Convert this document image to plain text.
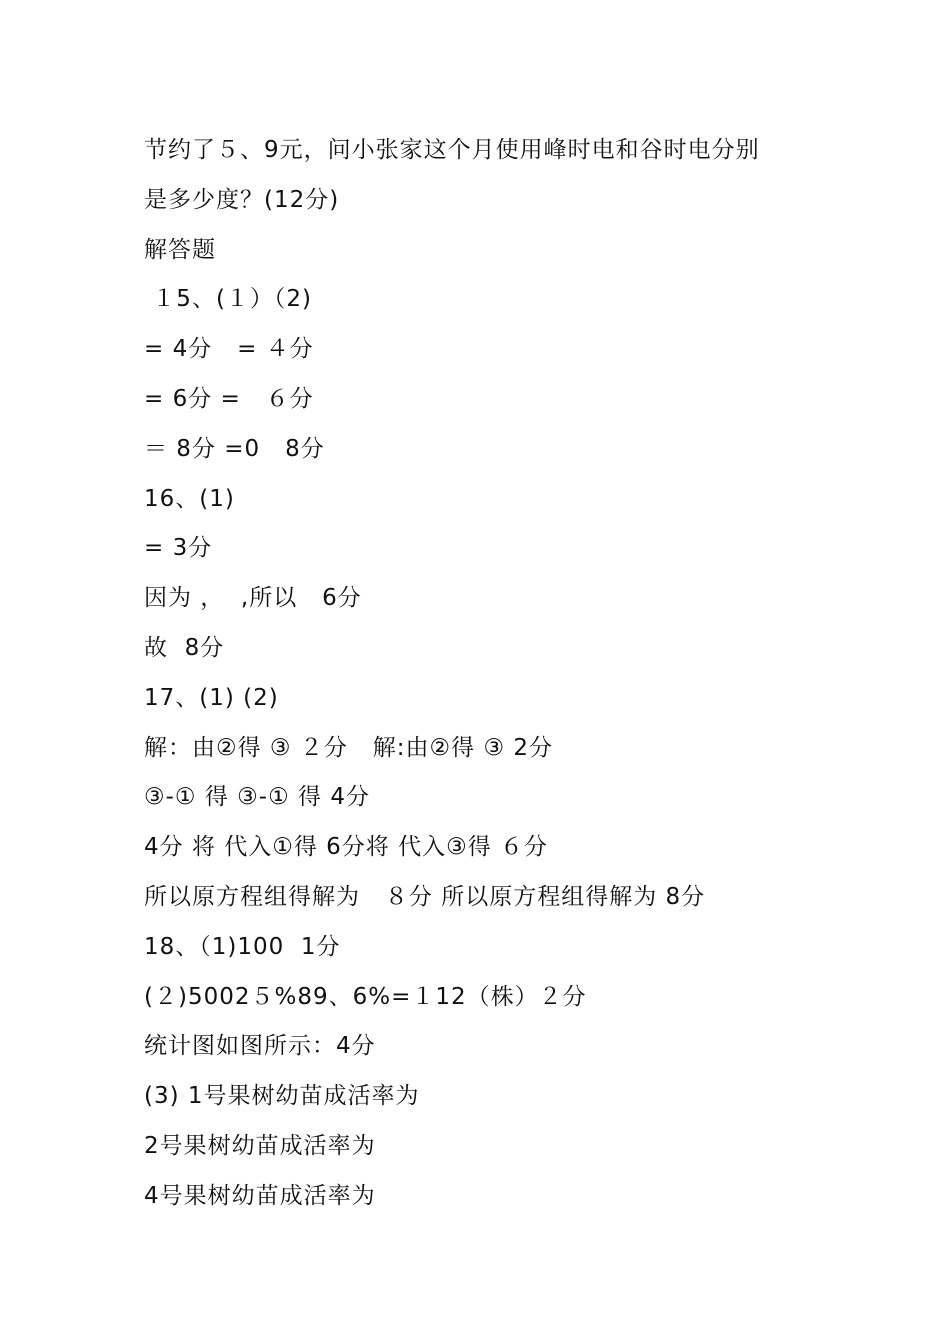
节约了５、9元，问小张家这个月使用峰时电和谷时电分别
是多少度？(12分)
解答题
１5、(１）（2)
= 4分   = ４分
= 6分 =   ６分
＝ 8分 =0   8分
16、(1)
= 3分
因为 ，  ,所以   6分
故  8分
17、(1) (2)
解：由②得 ③ ２分   解:由②得 ③ 2分
③-① 得 ③-① 得 4分
4分 将 代入①得 6分将 代入③得 ６分
所以原方程组得解为   ８分 所以原方程组得解为 8分
18、（1)100  1分
(２)5002５%89、6%=１12（株）２分
统计图如图所示：4分
(3) 1号果树幼苗成活率为
2号果树幼苗成活率为
4号果树幼苗成活率为
